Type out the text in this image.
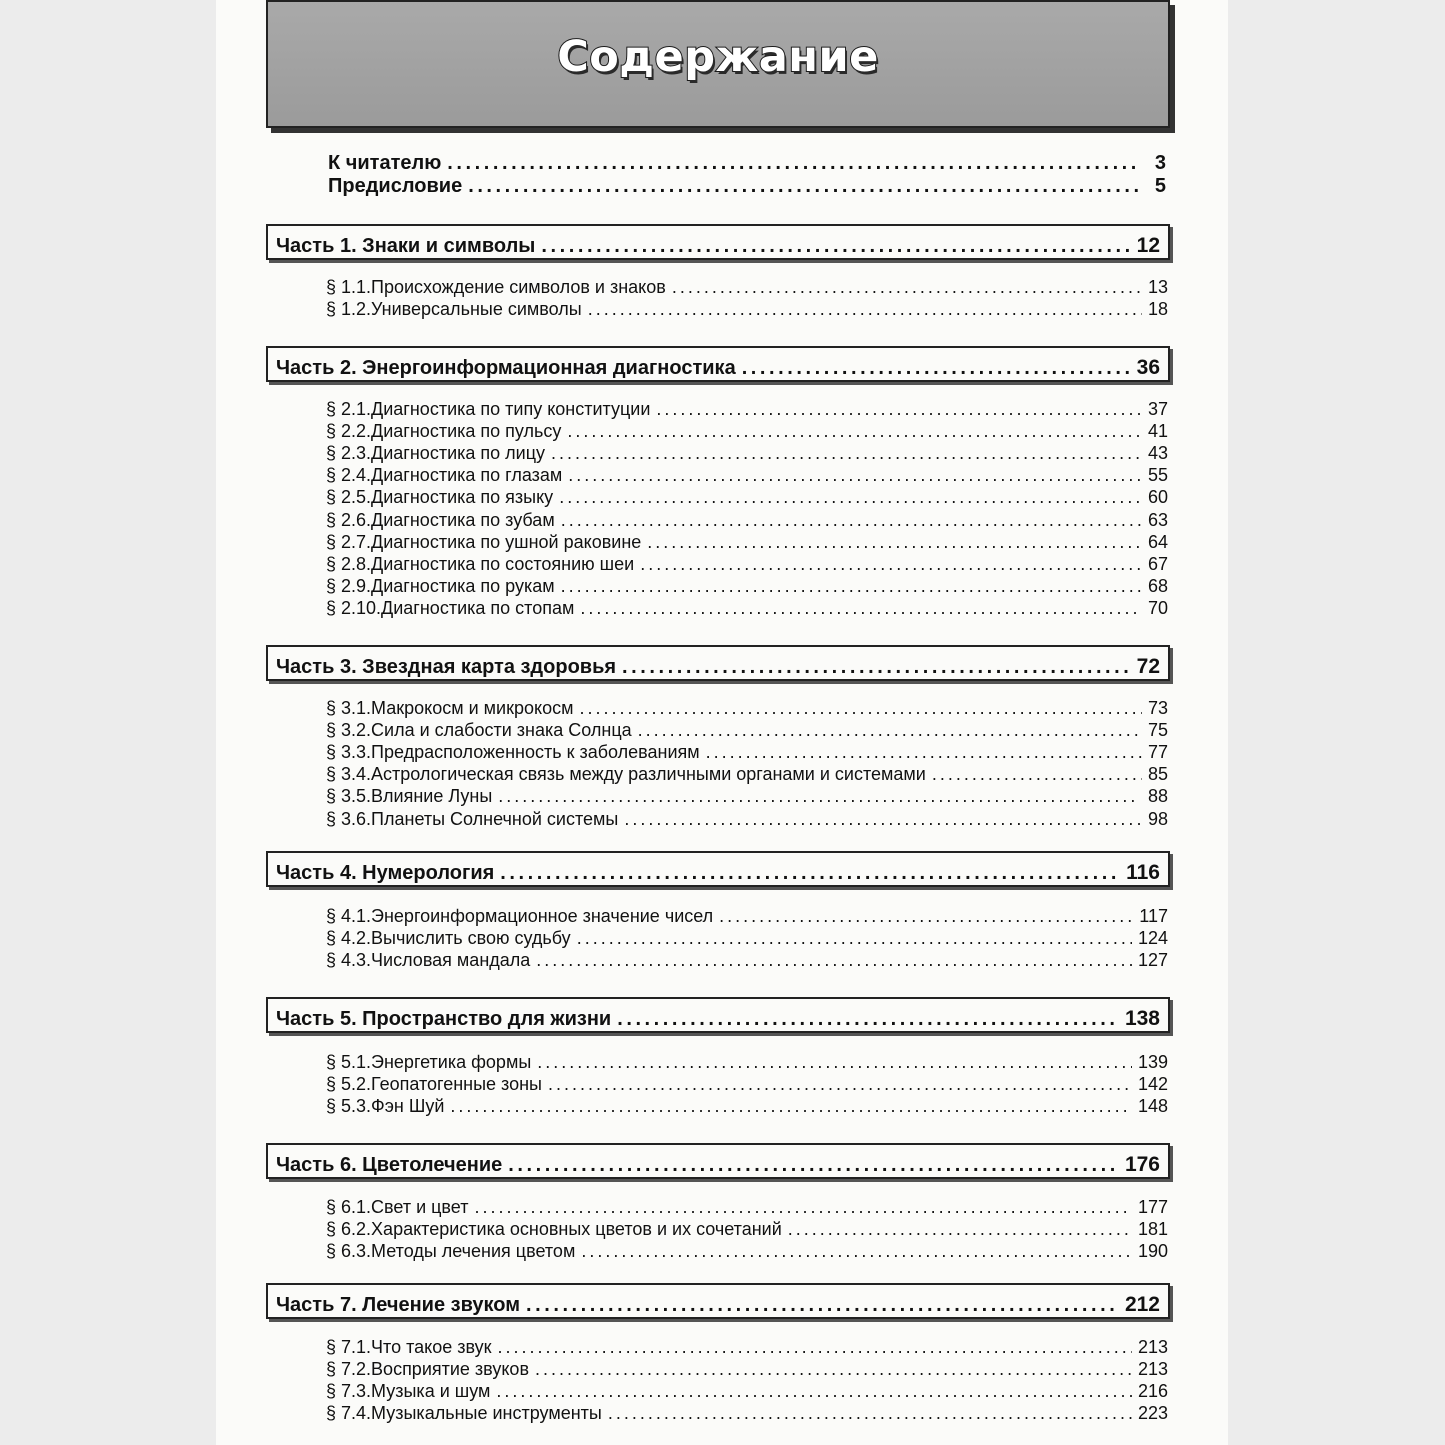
Содержание
К читателю . . .	3
Предисловие . . .	5
Часть 1. Знаки и символы . . .	12
§ 1.1. Происхождение символов и знаков . . .	13
§ 1.2. Универсальные символы . . .	18
Часть 2. Энергоинформационная диагностика . . .	36
§ 2.1. Диагностика по типу конституции . . .	37
§ 2.2. Диагностика по пульсу . . .	41
§ 2.3. Диагностика по лицу . . .	43
§ 2.4. Диагностика по глазам . . .	55
§ 2.5. Диагностика по языку . . .	60
§ 2.6. Диагностика по зубам . . .	63
§ 2.7. Диагностика по ушной раковине . . .	64
§ 2.8. Диагностика по состоянию шеи . . .	67
§ 2.9. Диагностика по рукам . . .	68
§ 2.10. Диагностика по стопам . . .	70
Часть 3. Звездная карта здоровья . . .	72
§ 3.1. Макрокосм и микрокосм . . .	73
§ 3.2. Сила и слабости знака Солнца . . .	75
§ 3.3. Предрасположенность к заболеваниям . . .	77
§ 3.4. Астрологическая связь между различными органами и системами . . .	85
§ 3.5. Влияние Луны . . .	88
§ 3.6. Планеты Солнечной системы . . .	98
Часть 4. Нумерология . . .	116
§ 4.1. Энергоинформационное значение чисел . . .	117
§ 4.2. Вычислить свою судьбу . . .	124
§ 4.3. Числовая мандала . . .	127
Часть 5. Пространство для жизни . . .	138
§ 5.1. Энергетика формы . . .	139
§ 5.2. Геопатогенные зоны . . .	142
§ 5.3. Фэн Шуй . . .	148
Часть 6. Цветолечение . . .	176
§ 6.1. Свет и цвет . . .	177
§ 6.2. Характеристика основных цветов и их сочетаний . . .	181
§ 6.3. Методы лечения цветом . . .	190
Часть 7. Лечение звуком . . .	212
§ 7.1. Что такое звук . . .	213
§ 7.2. Восприятие звуков . . .	213
§ 7.3. Музыка и шум . . .	216
§ 7.4. Музыкальные инструменты . . .	223
